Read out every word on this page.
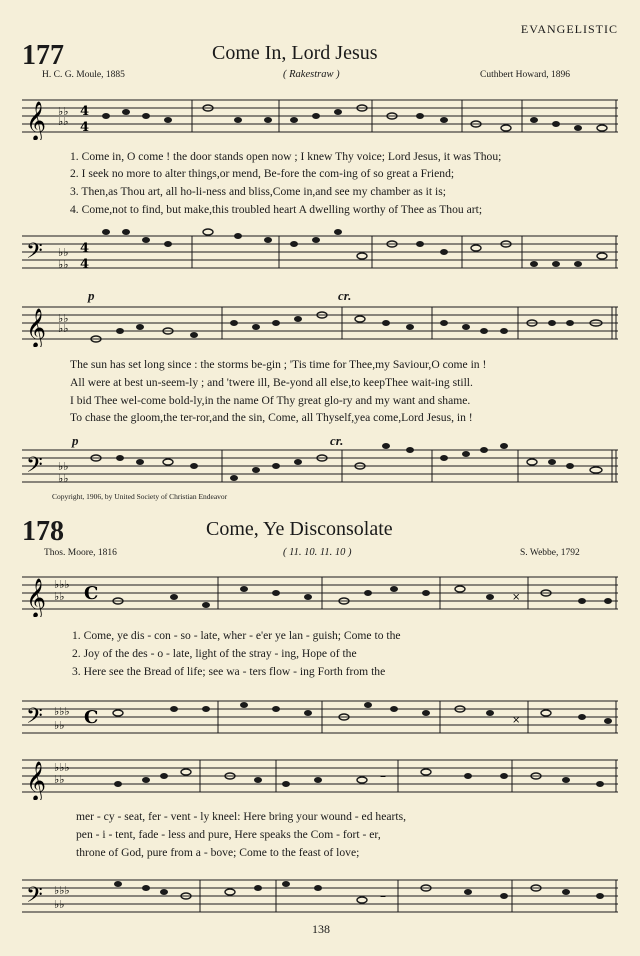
EVANGELISTIC
177	Come In, Lord Jesus
H. C. G. Moule, 1885	( Rakestraw )	Cuthbert Howard, 1896
𝄞 ♭♭
♭♭
4
4
1. Come in, O come ! the door stands open now ; I knew Thy voice; Lord Jesus, it was Thou;
2. I seek no more to alter things,or mend, Be-fore the com-ing of so great a Friend;
3. Then,as Thou art, all ho-li-ness and bliss,Come in,and see my chamber as it is;
4. Come,not to find, but make,this troubled heart A dwelling worthy of Thee as Thou art;
𝄢 ♭♭
♭♭
4
4
p	cr.
𝄞 ♭♭
♭♭
The sun has set long since : the storms be-gin ; 'Tis time for Thee,my Saviour,O come in !
All were at best un-seem-ly ; and 'twere ill, Be-yond all else,to keepThee wait-ing still.
I bid Thee wel-come bold-ly,in the name Of Thy great glo-ry and my want and shame.
To chase the gloom,the ter-ror,and the sin, Come, all Thyself,yea come,Lord Jesus, in !
p	cr.
𝄢 ♭♭
♭♭
Copyright, 1906, by United Society of Christian Endeavor
178	Come, Ye Disconsolate
Thos. Moore, 1816	( 11. 10. 11. 10 )	S. Webbe, 1792
𝄞 ♭♭♭
♭♭ C	×
1. Come, ye dis - con - so - late, wher - e'er ye lan - guish; Come to the
2. Joy of the des - o - late, light of the stray - ing, Hope of the
3. Here see the Bread of life; see wa - ters flow - ing Forth from the
𝄢 ♭♭♭
♭♭ C	×
𝄞 ♭♭♭
♭♭	–
mer - cy - seat, fer - vent - ly kneel: Here bring your wound - ed hearts,
pen - i - tent, fade - less and pure, Here speaks the Com - fort - er,
throne of God, pure from a - bove; Come to the feast of love;
𝄢 ♭♭♭
♭♭
–
138
